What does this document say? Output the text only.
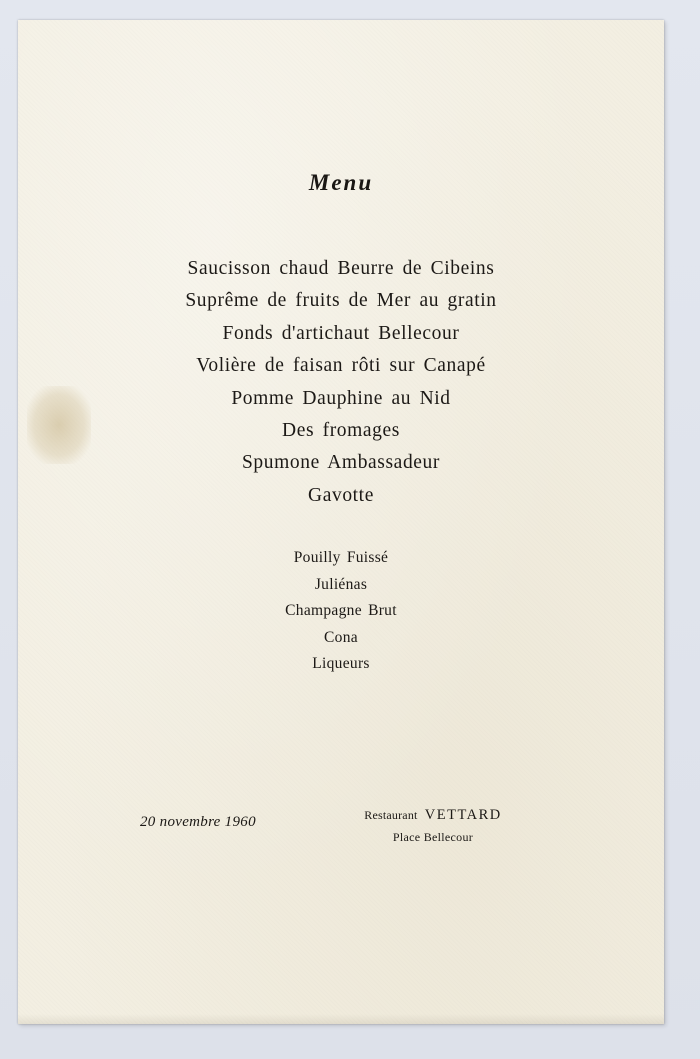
Menu
Saucisson chaud Beurre de Cibeins
Suprême de fruits de Mer au gratin
Fonds d'artichaut Bellecour
Volière de faisan rôti sur Canapé
Pomme Dauphine au Nid
Des fromages
Spumone Ambassadeur
Gavotte
Pouilly Fuissé
Juliénas
Champagne Brut
Cona
Liqueurs
20 novembre 1960	Restaurant VETTARD
Place Bellecour
